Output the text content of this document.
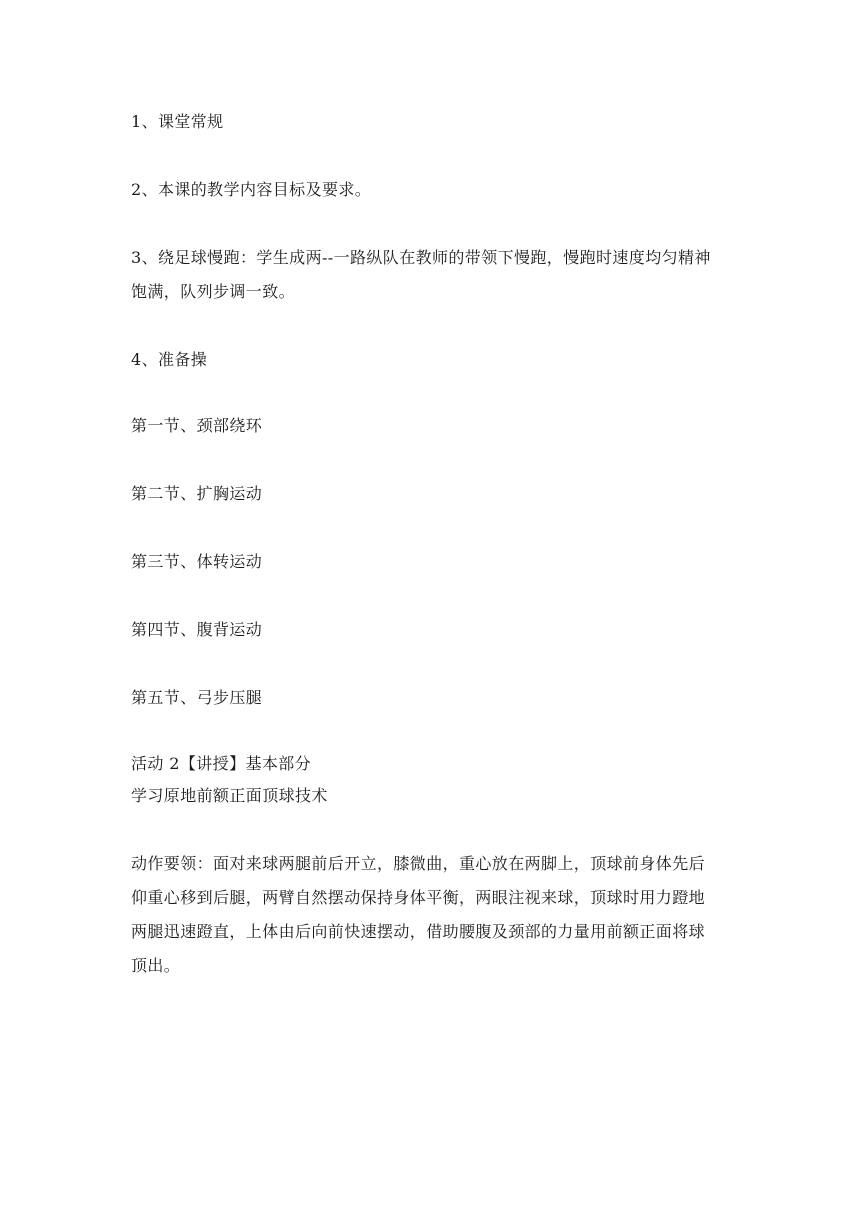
1、课堂常规
2、本课的教学内容目标及要求。
3、绕足球慢跑：学生成两--一路纵队在教师的带领下慢跑，慢跑时速度均匀精神
饱满，队列步调一致。
4、准备操
第一节、颈部绕环
第二节、扩胸运动
第三节、体转运动
第四节、腹背运动
第五节、弓步压腿
活动 2【讲授】基本部分
学习原地前额正面顶球技术
动作要领：面对来球两腿前后开立，膝微曲，重心放在两脚上，顶球前身体先后
仰重心移到后腿，两臂自然摆动保持身体平衡，两眼注视来球，顶球时用力蹬地
两腿迅速蹬直，上体由后向前快速摆动，借助腰腹及颈部的力量用前额正面将球
顶出。
